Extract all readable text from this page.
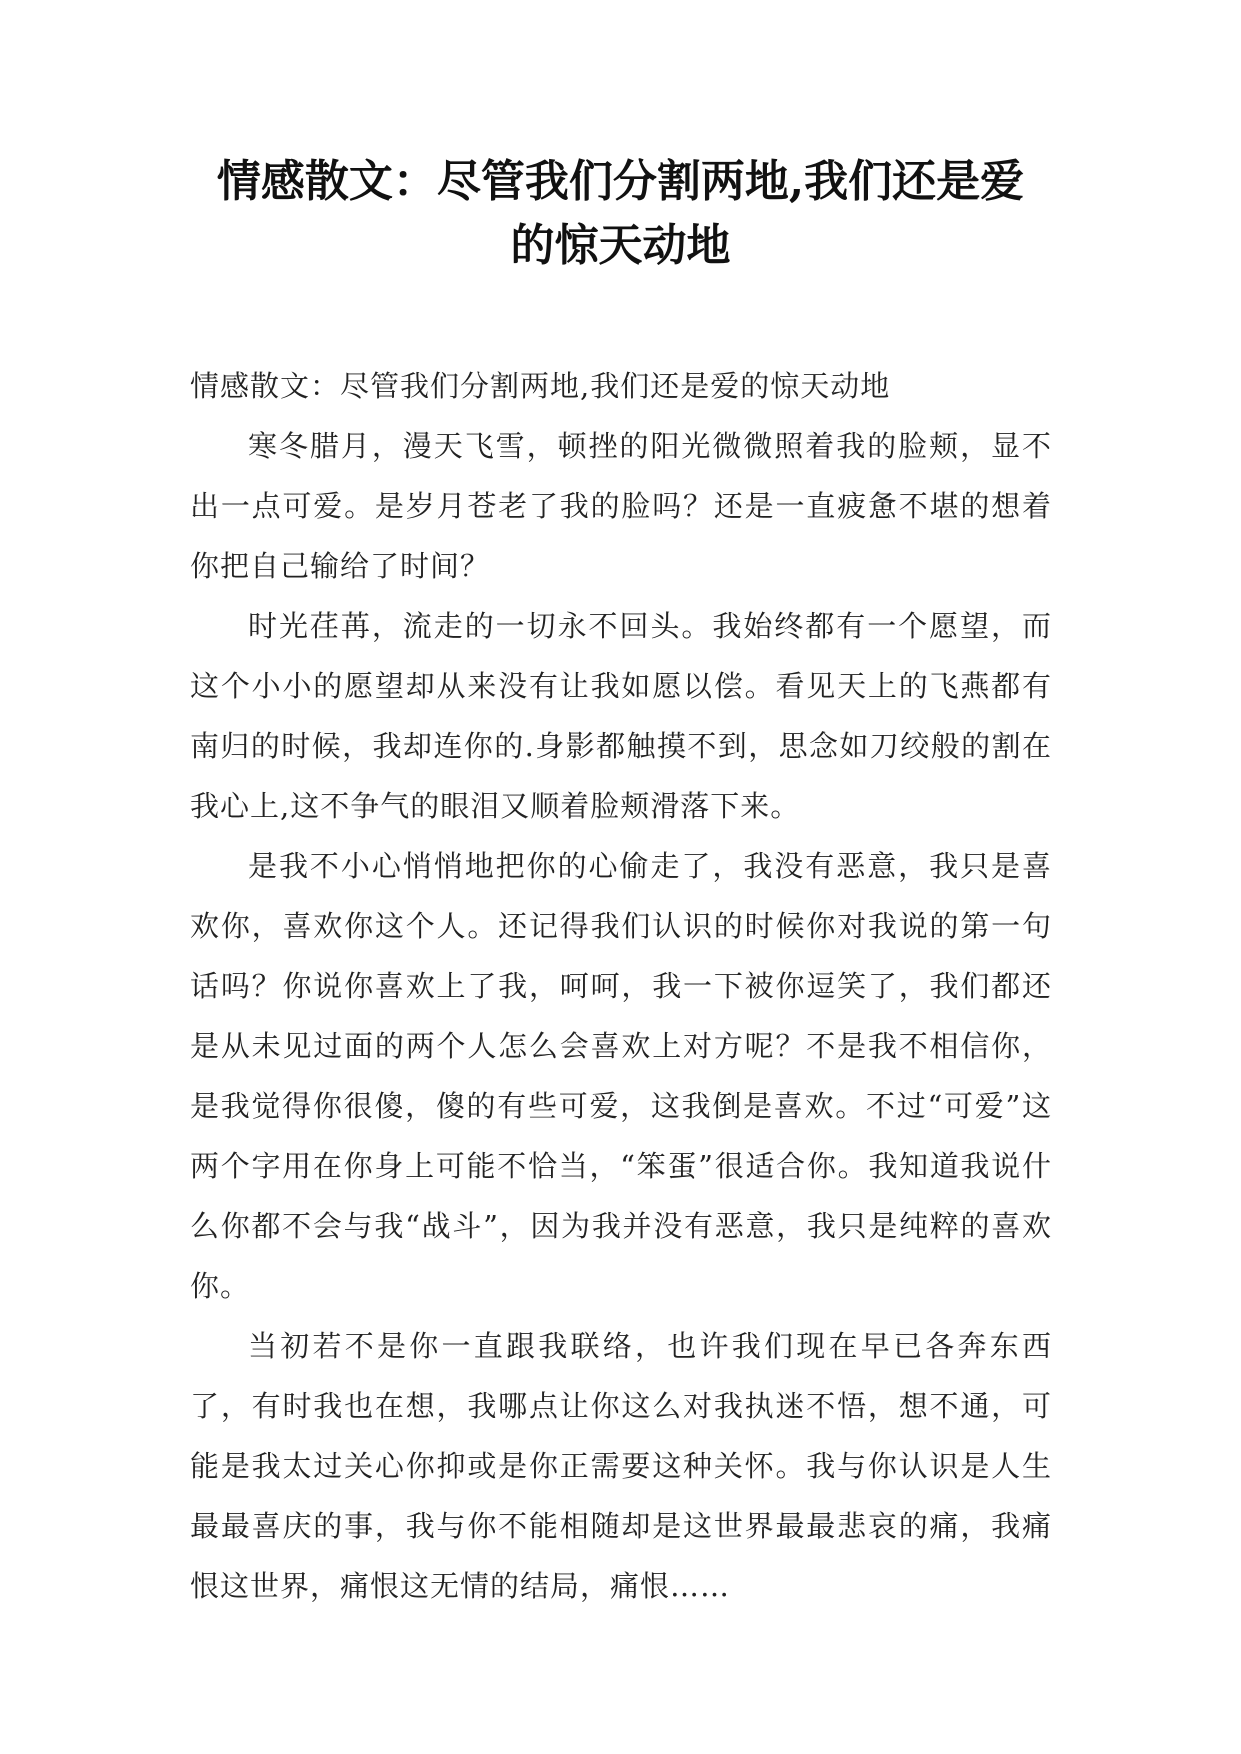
情感散文：尽管我们分割两地,我们还是爱
的惊天动地

情感散文：尽管我们分割两地,我们还是爱的惊天动地

寒冬腊月，漫天飞雪，顿挫的阳光微微照着我的脸颊，显不出一点可爱。是岁月苍老了我的脸吗？还是一直疲惫不堪的想着你把自己输给了时间？

时光荏苒，流走的一切永不回头。我始终都有一个愿望，而这个小小的愿望却从来没有让我如愿以偿。看见天上的飞燕都有南归的时候，我却连你的.身影都触摸不到，思念如刀绞般的割在我心上,这不争气的眼泪又顺着脸颊滑落下来。

是我不小心悄悄地把你的心偷走了，我没有恶意，我只是喜欢你，喜欢你这个人。还记得我们认识的时候你对我说的第一句话吗？你说你喜欢上了我，呵呵，我一下被你逗笑了，我们都还是从未见过面的两个人怎么会喜欢上对方呢？不是我不相信你，是我觉得你很傻，傻的有些可爱，这我倒是喜欢。不过“可爱”这两个字用在你身上可能不恰当，“笨蛋”很适合你。我知道我说什么你都不会与我“战斗”，因为我并没有恶意，我只是纯粹的喜欢你。

当初若不是你一直跟我联络，也许我们现在早已各奔东西了，有时我也在想，我哪点让你这么对我执迷不悟，想不通，可能是我太过关心你抑或是你正需要这种关怀。我与你认识是人生最最喜庆的事，我与你不能相随却是这世界最最悲哀的痛，我痛恨这世界，痛恨这无情的结局，痛恨……
